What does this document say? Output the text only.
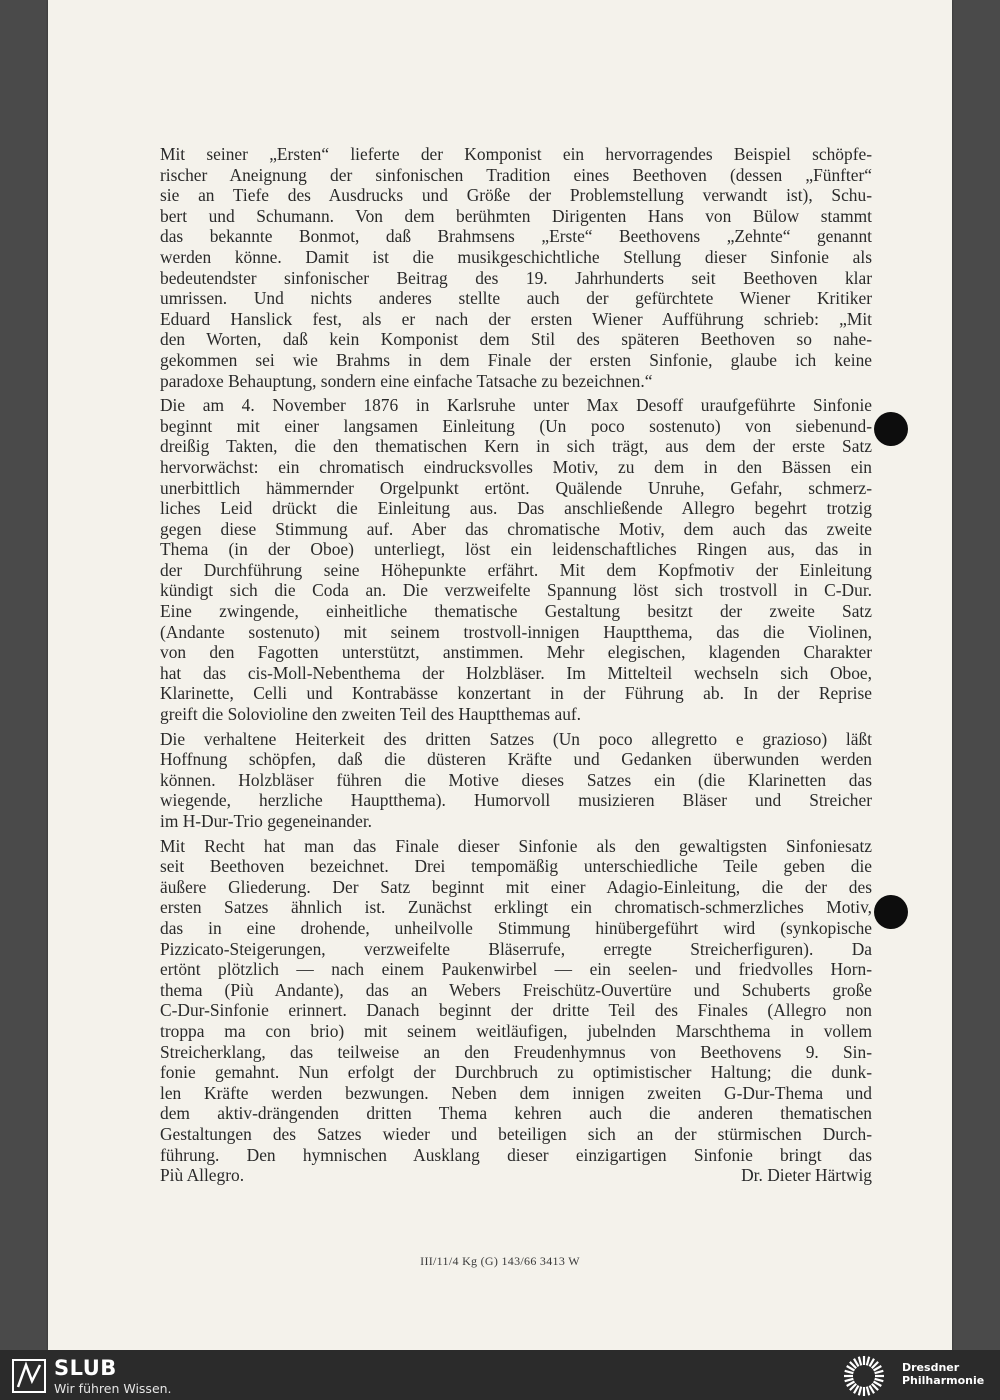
Mit seiner „Ersten“ lieferte der Komponist ein hervorragendes Beispiel schöpfe-
rischer Aneignung der sinfonischen Tradition eines Beethoven (dessen „Fünfter“
sie an Tiefe des Ausdrucks und Größe der Problemstellung verwandt ist), Schu-
bert und Schumann. Von dem berühmten Dirigenten Hans von Bülow stammt
das bekannte Bonmot, daß Brahmsens „Erste“ Beethovens „Zehnte“ genannt
werden könne. Damit ist die musikgeschichtliche Stellung dieser Sinfonie als
bedeutendster sinfonischer Beitrag des 19. Jahrhunderts seit Beethoven klar
umrissen. Und nichts anderes stellte auch der gefürchtete Wiener Kritiker
Eduard Hanslick fest, als er nach der ersten Wiener Aufführung schrieb: „Mit
den Worten, daß kein Komponist dem Stil des späteren Beethoven so nahe-
gekommen sei wie Brahms in dem Finale der ersten Sinfonie, glaube ich keine
paradoxe Behauptung, sondern eine einfache Tatsache zu bezeichnen.“

Die am 4. November 1876 in Karlsruhe unter Max Desoff uraufgeführte Sinfonie
beginnt mit einer langsamen Einleitung (Un poco sostenuto) von siebenund-
dreißig Takten, die den thematischen Kern in sich trägt, aus dem der erste Satz
hervorwächst: ein chromatisch eindrucksvolles Motiv, zu dem in den Bässen ein
unerbittlich hämmernder Orgelpunkt ertönt. Quälende Unruhe, Gefahr, schmerz-
liches Leid drückt die Einleitung aus. Das anschließende Allegro begehrt trotzig
gegen diese Stimmung auf. Aber das chromatische Motiv, dem auch das zweite
Thema (in der Oboe) unterliegt, löst ein leidenschaftliches Ringen aus, das in
der Durchführung seine Höhepunkte erfährt. Mit dem Kopfmotiv der Einleitung
kündigt sich die Coda an. Die verzweifelte Spannung löst sich trostvoll in C-Dur.
Eine zwingende, einheitliche thematische Gestaltung besitzt der zweite Satz
(Andante sostenuto) mit seinem trostvoll-innigen Hauptthema, das die Violinen,
von den Fagotten unterstützt, anstimmen. Mehr elegischen, klagenden Charakter
hat das cis-Moll-Nebenthema der Holzbläser. Im Mittelteil wechseln sich Oboe,
Klarinette, Celli und Kontrabässe konzertant in der Führung ab. In der Reprise
greift die Solovioline den zweiten Teil des Hauptthemas auf.

Die verhaltene Heiterkeit des dritten Satzes (Un poco allegretto e grazioso) läßt
Hoffnung schöpfen, daß die düsteren Kräfte und Gedanken überwunden werden
können. Holzbläser führen die Motive dieses Satzes ein (die Klarinetten das
wiegende, herzliche Hauptthema). Humorvoll musizieren Bläser und Streicher
im H-Dur-Trio gegeneinander.

Mit Recht hat man das Finale dieser Sinfonie als den gewaltigsten Sinfoniesatz
seit Beethoven bezeichnet. Drei tempomäßig unterschiedliche Teile geben die
äußere Gliederung. Der Satz beginnt mit einer Adagio-Einleitung, die der des
ersten Satzes ähnlich ist. Zunächst erklingt ein chromatisch-schmerzliches Motiv,
das in eine drohende, unheilvolle Stimmung hinübergeführt wird (synkopische
Pizzicato-Steigerungen, verzweifelte Bläserrufe, erregte Streicherfiguren). Da
ertönt plötzlich — nach einem Paukenwirbel — ein seelen- und friedvolles Horn-
thema (Più Andante), das an Webers Freischütz-Ouvertüre und Schuberts große
C-Dur-Sinfonie erinnert. Danach beginnt der dritte Teil des Finales (Allegro non
troppa ma con brio) mit seinem weitläufigen, jubelnden Marschthema in vollem
Streicherklang, das teilweise an den Freudenhymnus von Beethovens 9. Sin-
fonie gemahnt. Nun erfolgt der Durchbruch zu optimistischer Haltung; die dunk-
len Kräfte werden bezwungen. Neben dem innigen zweiten G-Dur-Thema und
dem aktiv-drängenden dritten Thema kehren auch die anderen thematischen
Gestaltungen des Satzes wieder und beteiligen sich an der stürmischen Durch-
führung. Den hymnischen Ausklang dieser einzigartigen Sinfonie bringt das

Più Allegro.	Dr. Dieter Härtwig
III/11/4 Kg (G) 143/66 3413 W
SLUB
Wir führen Wissen.
Dresdner
Philharmonie
